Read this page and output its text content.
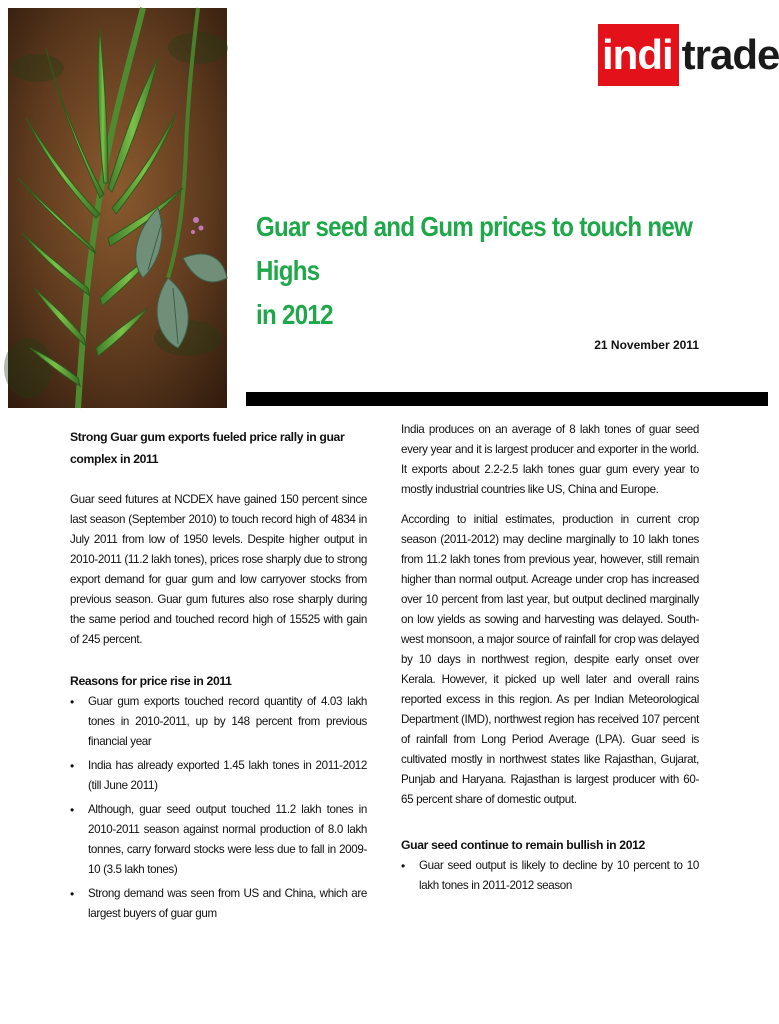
indi trade
Guar seed and Gum prices to touch new Highs
in 2012
21 November 2011
Strong Guar gum exports fueled price rally in guar complex in 2011

Guar seed futures at NCDEX have gained 150 percent since last season (September 2010) to touch record high of 4834 in July 2011 from low of 1950 levels. Despite higher output in 2010-2011 (11.2 lakh tones), prices rose sharply due to strong export demand for guar gum and low carryover stocks from previous season. Guar gum futures also rose sharply during the same period and touched record high of 15525 with gain of 245 percent.

Reasons for price rise in 2011
• Guar gum exports touched record quantity of 4.03 lakh tones in 2010-2011, up by 148 percent from previous financial year
• India has already exported 1.45 lakh tones in 2011-2012 (till June 2011)
• Although, guar seed output touched 11.2 lakh tones in 2010-2011 season against normal production of 8.0 lakh tonnes, carry forward stocks were less due to fall in 2009-10 (3.5 lakh tones)
• Strong demand was seen from US and China, which are largest buyers of guar gum

India produces on an average of 8 lakh tones of guar seed every year and it is largest producer and exporter in the world. It exports about 2.2-2.5 lakh tones guar gum every year to mostly industrial countries like US, China and Europe.

According to initial estimates, production in current crop season (2011-2012) may decline marginally to 10 lakh tones from 11.2 lakh tones from previous year, however, still remain higher than normal output. Acreage under crop has increased over 10 percent from last year, but output declined marginally on low yields as sowing and harvesting was delayed. South-west monsoon, a major source of rainfall for crop was delayed by 10 days in northwest region, despite early onset over Kerala. However, it picked up well later and overall rains reported excess in this region. As per Indian Meteorological Department (IMD), northwest region has received 107 percent of rainfall from Long Period Average (LPA). Guar seed is cultivated mostly in northwest states like Rajasthan, Gujarat, Punjab and Haryana. Rajasthan is largest producer with 60-65 percent share of domestic output.

Guar seed continue to remain bullish in 2012
• Guar seed output is likely to decline by 10 percent to 10 lakh tones in 2011-2012 season
